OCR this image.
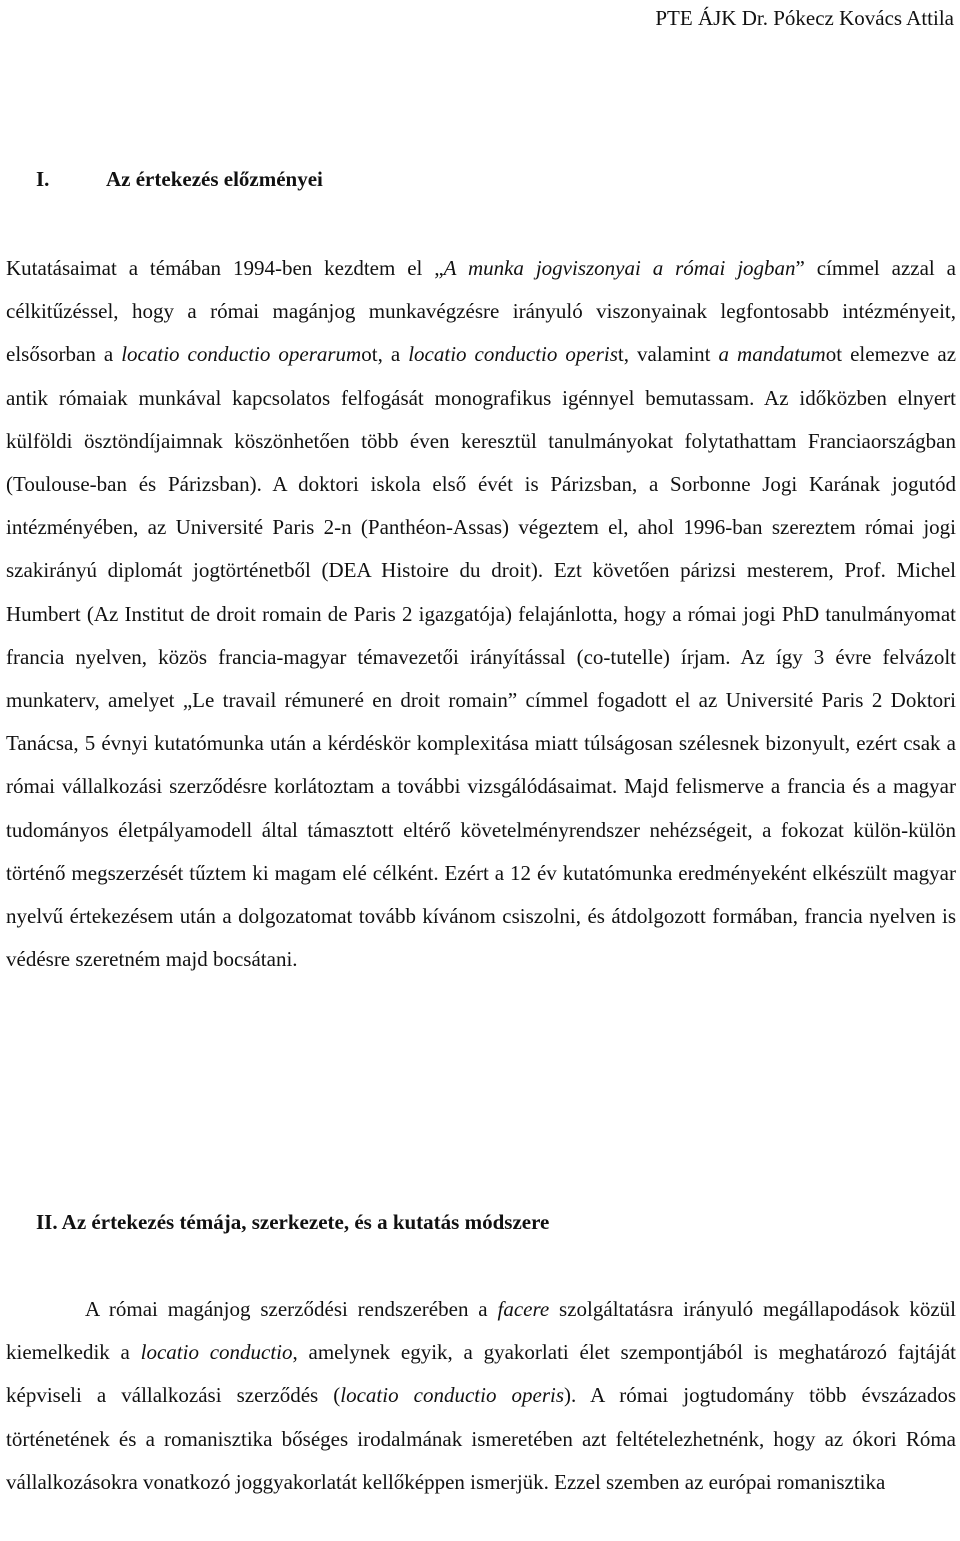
PTE ÁJK Dr. Pókecz Kovács Attila
I.	Az értekezés előzményei
Kutatásaimat a témában 1994-ben kezdtem el „A munka jogviszonyai a római jogban” címmel azzal a célkitűzéssel, hogy a római magánjog munkavégzésre irányuló viszonyainak legfontosabb intézményeit, elsősorban a locatio conductio operarumot, a locatio conductio operist, valamint a mandatumot elemezve az antik rómaiak munkával kapcsolatos felfogását monografikus igénnyel bemutassam. Az időközben elnyert külföldi ösztöndíjaimnak köszönhetően több éven keresztül tanulmányokat folytathattam Franciaországban (Toulouse-ban és Párizsban). A doktori iskola első évét is Párizsban, a Sorbonne Jogi Karának jogutód intézményében, az Université Paris 2-n (Panthéon-Assas) végeztem el, ahol 1996-ban szereztem római jogi szakirányú diplomát jogtörténetből (DEA Histoire du droit). Ezt követően párizsi mesterem, Prof. Michel Humbert (Az Institut de droit romain de Paris 2 igazgatója) felajánlotta, hogy a római jogi PhD tanulmányomat francia nyelven, közös francia-magyar témavezetői irányítással (co-tutelle) írjam. Az így 3 évre felvázolt munkaterv, amelyet „Le travail rémuneré en droit romain” címmel fogadott el az Université Paris 2 Doktori Tanácsa, 5 évnyi kutatómunka után a kérdéskör komplexitása miatt túlságosan szélesnek bizonyult, ezért csak a római vállalkozási szerződésre korlátoztam a további vizsgálódásaimat. Majd felismerve a francia és a magyar tudományos életpályamodell által támasztott eltérő követelményrendszer nehézségeit, a fokozat külön-külön történő megszerzését tűztem ki magam elé célként. Ezért a 12 év kutatómunka eredményeként elkészült magyar nyelvű értekezésem után a dolgozatomat tovább kívánom csiszolni, és átdolgozott formában, francia nyelven is védésre szeretném majd bocsátani.
II. Az értekezés témája, szerkezete, és a kutatás módszere
A római magánjog szerződési rendszerében a facere szolgáltatásra irányuló megállapodások közül kiemelkedik a locatio conductio, amelynek egyik, a gyakorlati élet szempontjából is meghatározó fajtáját képviseli a vállalkozási szerződés (locatio conductio operis). A római jogtudomány több évszázados történetének és a romanisztika bőséges irodalmának ismeretében azt feltételezhetnénk, hogy az ókori Róma vállalkozásokra vonatkozó joggyakorlatát kellőképpen ismerjük. Ezzel szemben az európai romanisztika
